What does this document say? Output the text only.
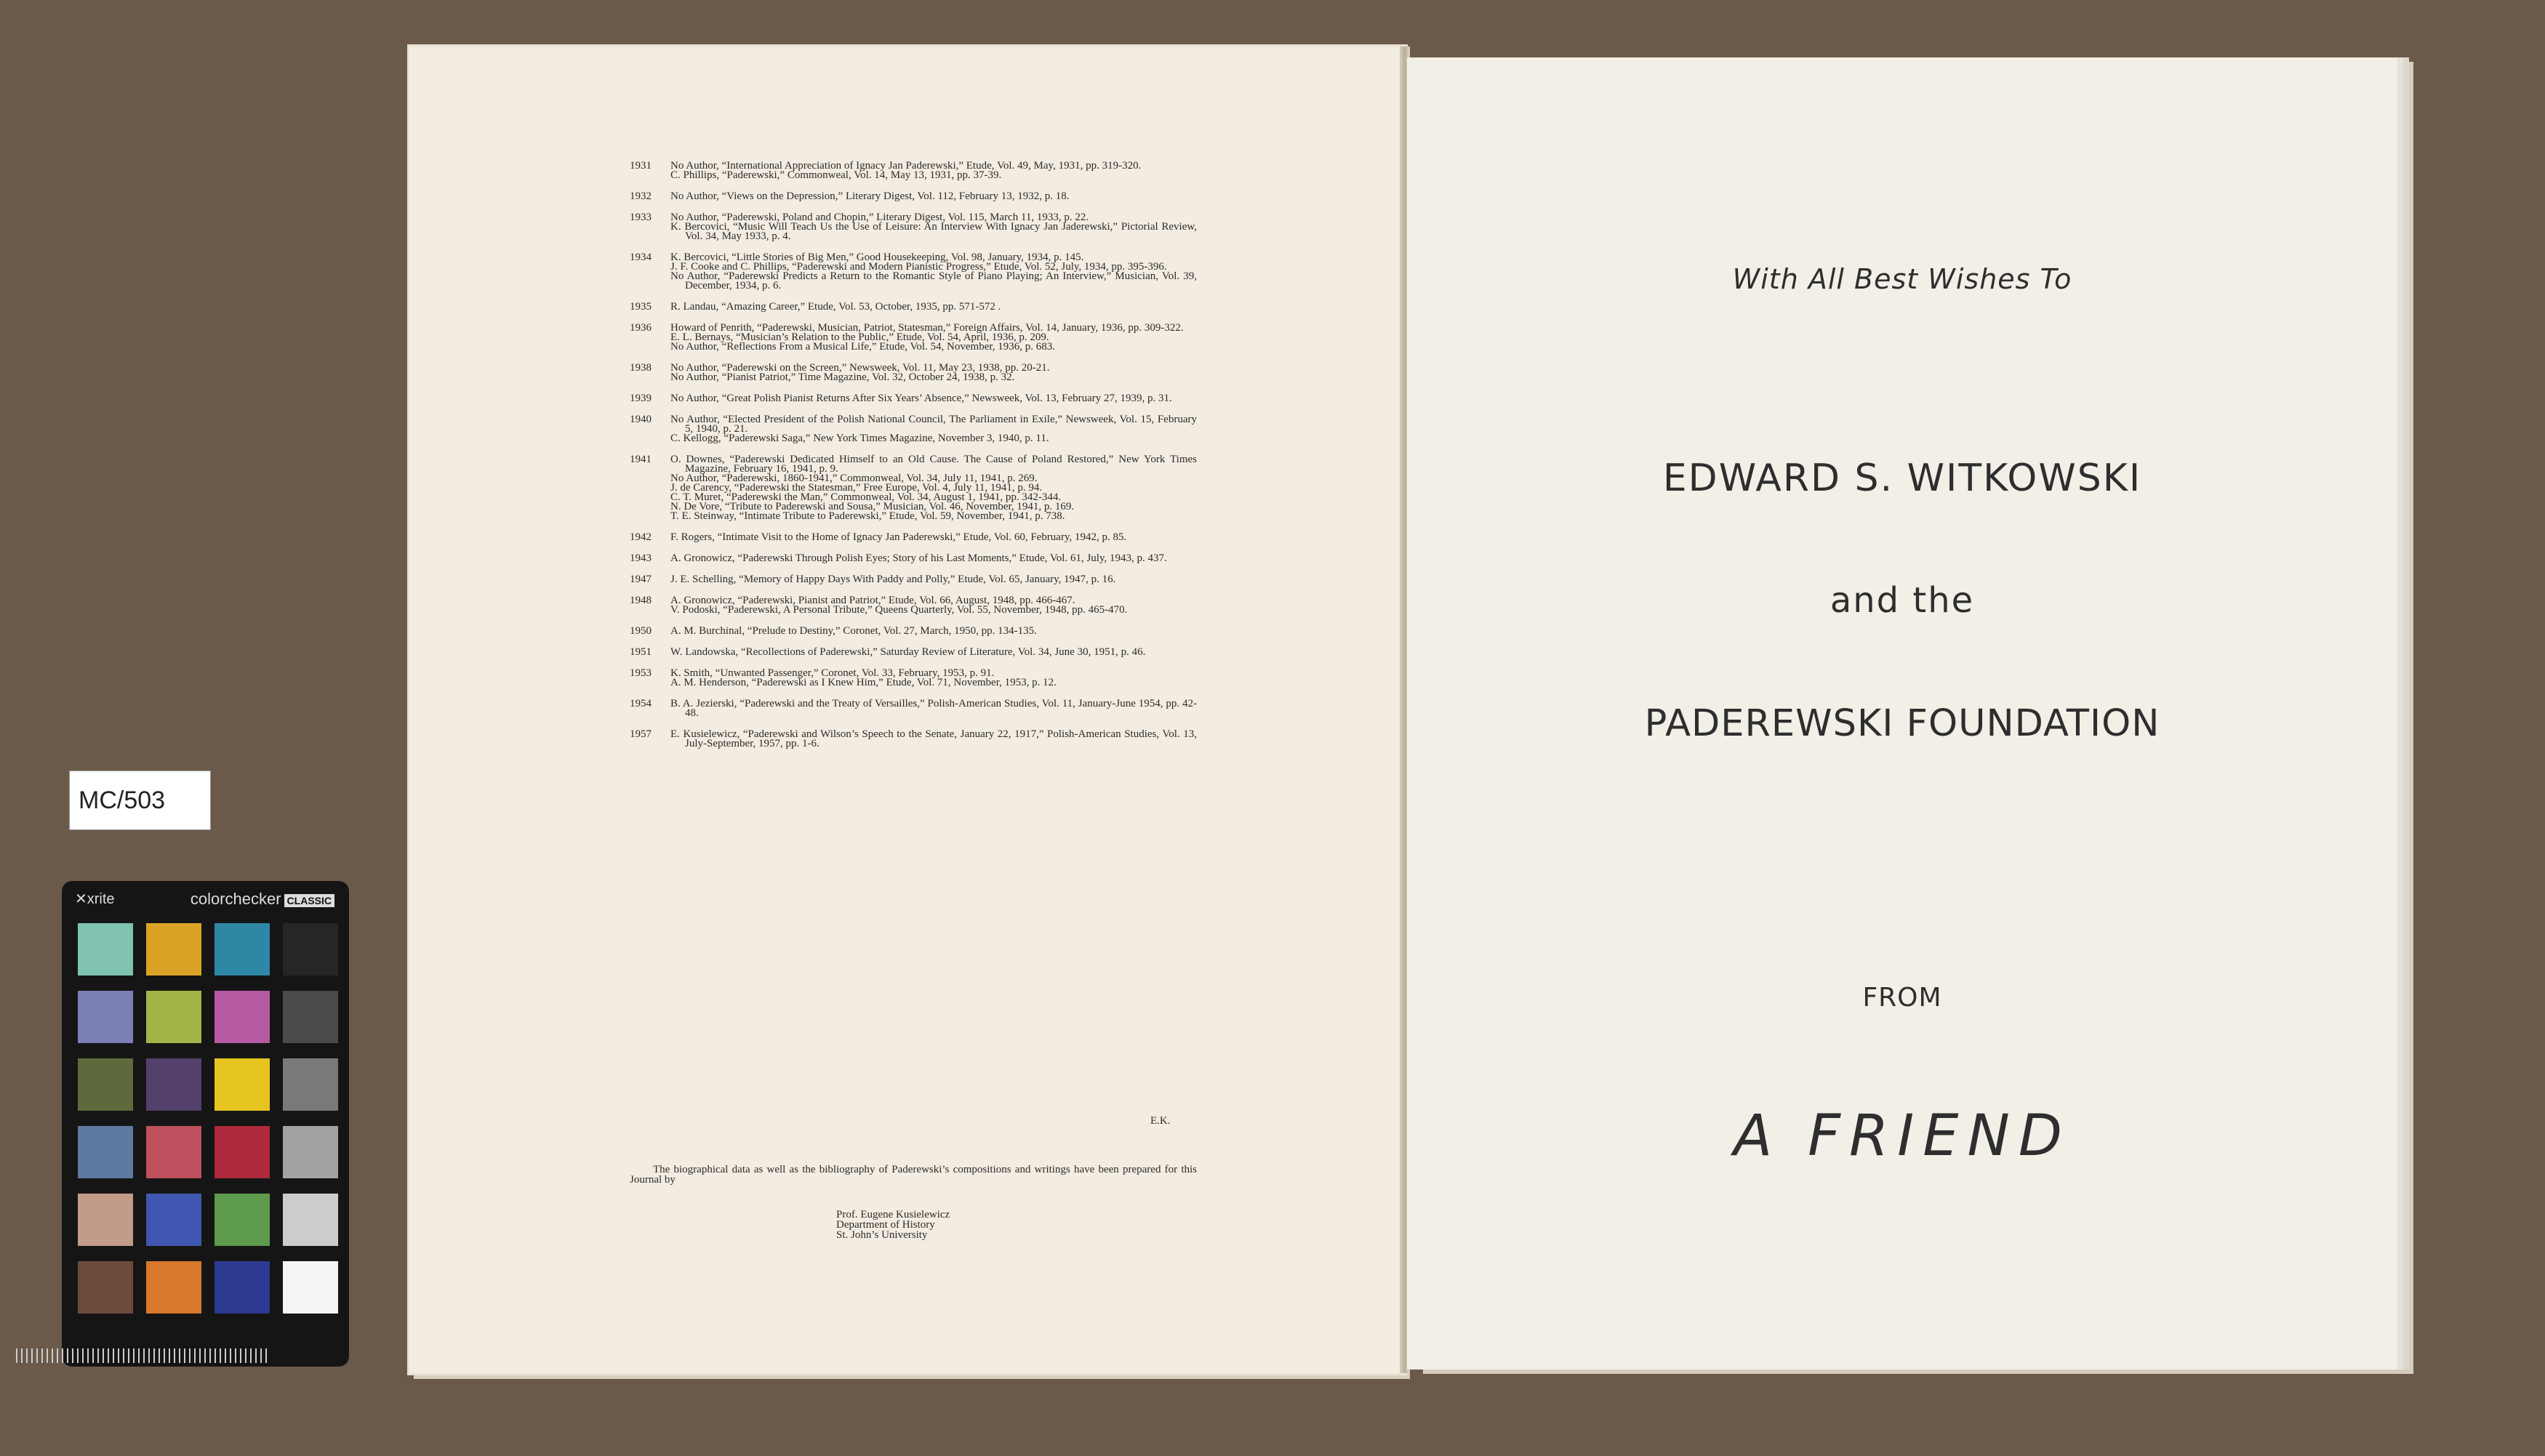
MC/503
✕xrite	colorchecker CLASSIC
1931	No Author, “International Appreciation of Ignacy Jan Paderewski,” Etude, Vol. 49, May, 1931, pp. 319-320.

C. Phillips, “Paderewski,” Commonweal, Vol. 14, May 13, 1931, pp. 37-39.

1932	No Author, “Views on the Depression,” Literary Digest, Vol. 112, February 13, 1932, p. 18.

1933	No Author, “Paderewski, Poland and Chopin,” Literary Digest, Vol. 115, March 11, 1933, p. 22.

K. Bercovici, “Music Will Teach Us the Use of Leisure: An Interview With Ignacy Jan Jaderewski,” Pictorial Review, Vol. 34, May 1933, p. 4.

1934	K. Bercovici, “Little Stories of Big Men,” Good Housekeeping, Vol. 98, January, 1934, p. 145.

J. F. Cooke and C. Phillips, “Paderewski and Modern Pianistic Progress,” Etude, Vol. 52, July, 1934, pp. 395-396.

No Author, “Paderewski Predicts a Return to the Romantic Style of Piano Playing; An Interview,” Musician, Vol. 39, December, 1934, p. 6.

1935	R. Landau, “Amazing Career,” Etude, Vol. 53, October, 1935, pp. 571-572 .

1936	Howard of Penrith, “Paderewski, Musician, Patriot, Statesman,” Foreign Affairs, Vol. 14, January, 1936, pp. 309-322.

E. L. Bernays, “Musician’s Relation to the Public,” Etude, Vol. 54, April, 1936, p. 209.

No Author, “Reflections From a Musical Life,” Etude, Vol. 54, November, 1936, p. 683.

1938	No Author, “Paderewski on the Screen,” Newsweek, Vol. 11, May 23, 1938, pp. 20-21.

No Author, “Pianist Patriot,” Time Magazine, Vol. 32, October 24, 1938, p. 32.

1939	No Author, “Great Polish Pianist Returns After Six Years’ Absence,” Newsweek, Vol. 13, February 27, 1939, p. 31.

1940	No Author, “Elected President of the Polish National Council, The Parliament in Exile,” Newsweek, Vol. 15, February 5, 1940, p. 21.

C. Kellogg, “Paderewski Saga,” New York Times Magazine, November 3, 1940, p. 11.

1941	O. Downes, “Paderewski Dedicated Himself to an Old Cause. The Cause of Poland Restored,” New York Times Magazine, February 16, 1941, p. 9.

No Author, “Paderewski, 1860-1941,” Commonweal, Vol. 34, July 11, 1941, p. 269.

J. de Carency, “Paderewski the Statesman,” Free Europe, Vol. 4, July 11, 1941, p. 94.

C. T. Muret, “Paderewski the Man,” Commonweal, Vol. 34, August 1, 1941, pp. 342-344.

N. De Vore, “Tribute to Paderewski and Sousa,” Musician, Vol. 46, November, 1941, p. 169.

T. E. Steinway, “Intimate Tribute to Paderewski,” Etude, Vol. 59, November, 1941, p. 738.

1942	F. Rogers, “Intimate Visit to the Home of Ignacy Jan Paderewski,” Etude, Vol. 60, February, 1942, p. 85.

1943	A. Gronowicz, “Paderewski Through Polish Eyes; Story of his Last Moments,” Etude, Vol. 61, July, 1943, p. 437.

1947	J. E. Schelling, “Memory of Happy Days With Paddy and Polly,” Etude, Vol. 65, January, 1947, p. 16.

1948	A. Gronowicz, “Paderewski, Pianist and Patriot,” Etude, Vol. 66, August, 1948, pp. 466-467.

V. Podoski, “Paderewski, A Personal Tribute,” Queens Quarterly, Vol. 55, November, 1948, pp. 465-470.

1950	A. M. Burchinal, “Prelude to Destiny,” Coronet, Vol. 27, March, 1950, pp. 134-135.

1951	W. Landowska, “Recollections of Paderewski,” Saturday Review of Literature, Vol. 34, June 30, 1951, p. 46.

1953	K. Smith, “Unwanted Passenger,” Coronet, Vol. 33, February, 1953, p. 91.

A. M. Henderson, “Paderewski as I Knew Him,” Etude, Vol. 71, November, 1953, p. 12.

1954	B. A. Jezierski, “Paderewski and the Treaty of Versailles,” Polish-American Studies, Vol. 11, January-June 1954, pp. 42-48.

1957	E. Kusielewicz, “Paderewski and Wilson’s Speech to the Senate, January 22, 1917,” Polish-American Studies, Vol. 13, July-September, 1957, pp. 1-6.

E.K.
The biographical data as well as the bibliography of Paderewski’s compositions and writings have been prepared for this Journal by
Prof. Eugene Kusielewicz
Department of History
St. John’s University
With All Best Wishes To
EDWARD S. WITKOWSKI
and the
PADEREWSKI FOUNDATION
FROM
A FRIEND
